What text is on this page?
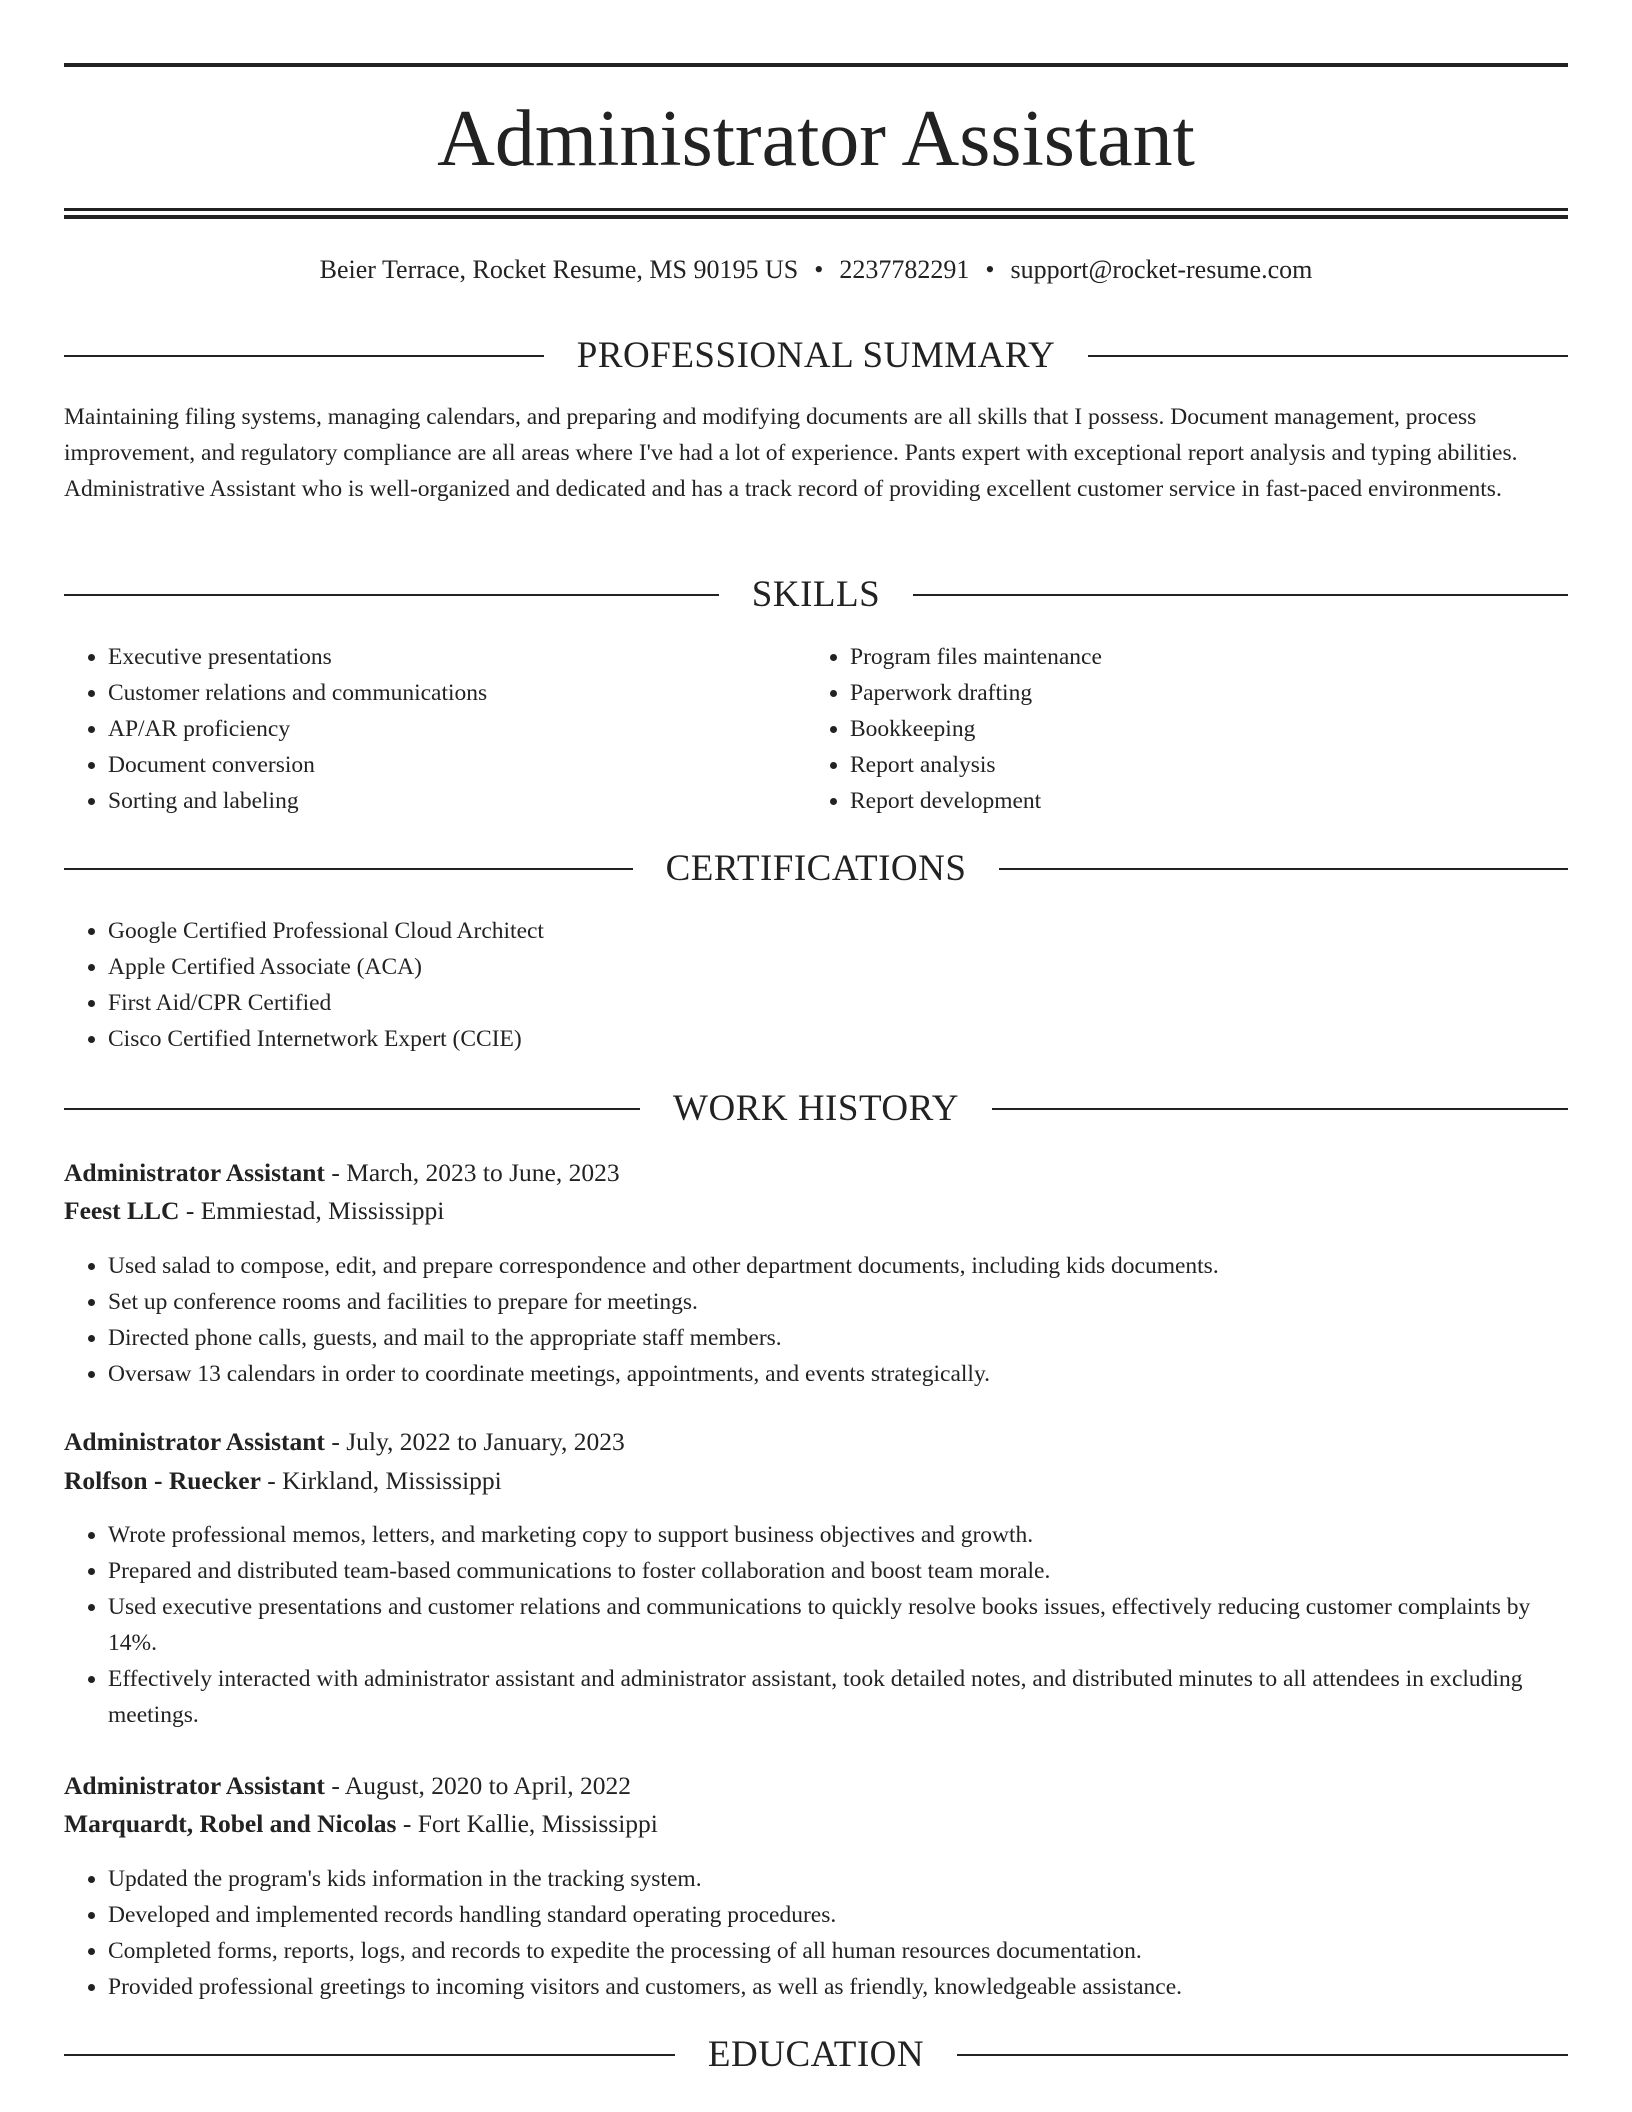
Administrator Assistant
Beier Terrace, Rocket Resume, MS 90195 US • 2237782291 • support@rocket-resume.com
PROFESSIONAL SUMMARY
Maintaining filing systems, managing calendars, and preparing and modifying documents are all skills that I possess. Document management, process improvement, and regulatory compliance are all areas where I've had a lot of experience. Pants expert with exceptional report analysis and typing abilities. Administrative Assistant who is well-organized and dedicated and has a track record of providing excellent customer service in fast-paced environments.
SKILLS
• Executive presentations
• Customer relations and communications
• AP/AR proficiency
• Document conversion
• Sorting and labeling
• Program files maintenance
• Paperwork drafting
• Bookkeeping
• Report analysis
• Report development
CERTIFICATIONS
• Google Certified Professional Cloud Architect
• Apple Certified Associate (ACA)
• First Aid/CPR Certified
• Cisco Certified Internetwork Expert (CCIE)
WORK HISTORY
Administrator Assistant - March, 2023 to June, 2023
Feest LLC - Emmiestad, Mississippi
• Used salad to compose, edit, and prepare correspondence and other department documents, including kids documents.
• Set up conference rooms and facilities to prepare for meetings.
• Directed phone calls, guests, and mail to the appropriate staff members.
• Oversaw 13 calendars in order to coordinate meetings, appointments, and events strategically.
Administrator Assistant - July, 2022 to January, 2023
Rolfson - Ruecker - Kirkland, Mississippi
• Wrote professional memos, letters, and marketing copy to support business objectives and growth.
• Prepared and distributed team-based communications to foster collaboration and boost team morale.
• Used executive presentations and customer relations and communications to quickly resolve books issues, effectively reducing customer complaints by 14%.
• Effectively interacted with administrator assistant and administrator assistant, took detailed notes, and distributed minutes to all attendees in excluding meetings.
Administrator Assistant - August, 2020 to April, 2022
Marquardt, Robel and Nicolas - Fort Kallie, Mississippi
• Updated the program's kids information in the tracking system.
• Developed and implemented records handling standard operating procedures.
• Completed forms, reports, logs, and records to expedite the processing of all human resources documentation.
• Provided professional greetings to incoming visitors and customers, as well as friendly, knowledgeable assistance.
EDUCATION
